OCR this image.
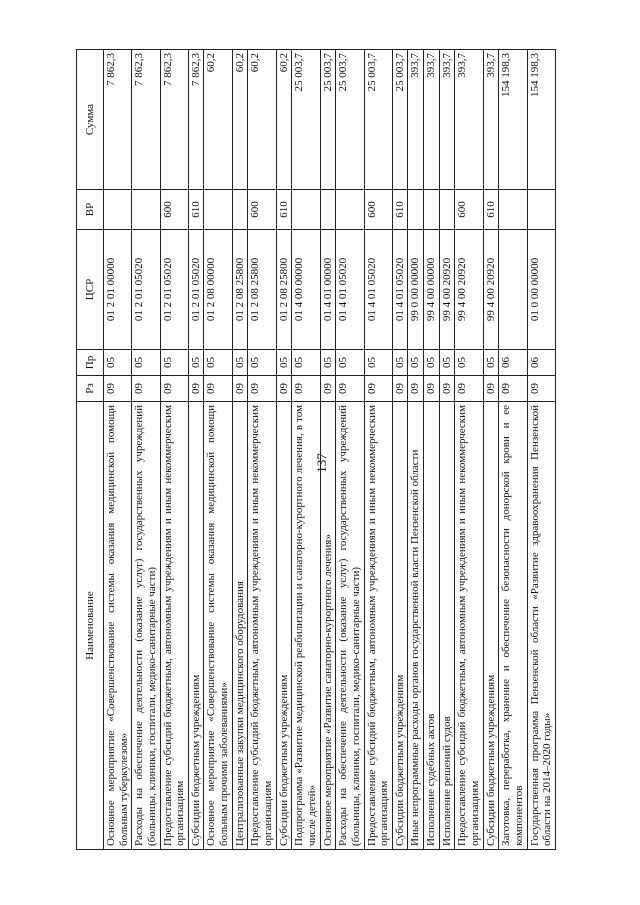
137
Наименование	Рз	Пр	ЦСР	ВР	Сумма
Основное мероприятие «Совершенствование системы оказания медицинской помощи больным туберкулезом»	09	05	01 2 01 00000		7 862,3
Расходы на обеспечение деятельности (оказание услуг) государственных учреждений (больницы, клиники, госпитали, медико-санитарные части)	09	05	01 2 01 05020		7 862,3
Предоставление субсидий бюджетным, автономным учреждениям и иным некоммерческим организациям	09	05	01 2 01 05020	600	7 862,3
Субсидии бюджетным учреждениям	09	05	01 2 01 05020	610	7 862,3
Основное мероприятие «Совершенствование системы оказания медицинской помощи больным прочими заболеваниями»	09	05	01 2 08 00000		60,2
Централизованные закупки медицинского оборудования	09	05	01 2 08 25800		60,2
Предоставление субсидий бюджетным, автономным учреждениям и иным некоммерческим организациям	09	05	01 2 08 25800	600	60,2
Субсидии бюджетным учреждениям	09	05	01 2 08 25800	610	60,2
Подпрограмма «Развитие медицинской реабилитации и санаторно-курортного лечения, в том числе детей»	09	05	01 4 00 00000		25 003,7
Основное мероприятие «Развитие санаторно-курортного лечения»	09	05	01 4 01 00000		25 003,7
Расходы на обеспечение деятельности (оказание услуг) государственных учреждений (больницы, клиники, госпитали, медико-санитарные части)	09	05	01 4 01 05020		25 003,7
Предоставление субсидий бюджетным, автономным учреждениям и иным некоммерческим организациям	09	05	01 4 01 05020	600	25 003,7
Субсидии бюджетным учреждениям	09	05	01 4 01 05020	610	25 003,7
Иные непрограммные расходы органов государственной власти Пензенской области	09	05	99 0 00 00000		393,7
Исполнение судебных актов	09	05	99 4 00 00000		393,7
Исполнение решений судов	09	05	99 4 00 20920		393,7
Предоставление субсидий бюджетным, автономным учреждениям и иным некоммерческим организациям	09	05	99 4 00 20920	600	393,7
Субсидии бюджетным учреждениям	09	05	99 4 00 20920	610	393,7
Заготовка, переработка, хранение и обеспечение безопасности донорской крови и ее компонентов	09	06			154 198,3
Государственная программа Пензенской области «Развитие здравоохранения Пензенской области на 2014–2020 годы»	09	06	01 0 00 00000		154 198,3
